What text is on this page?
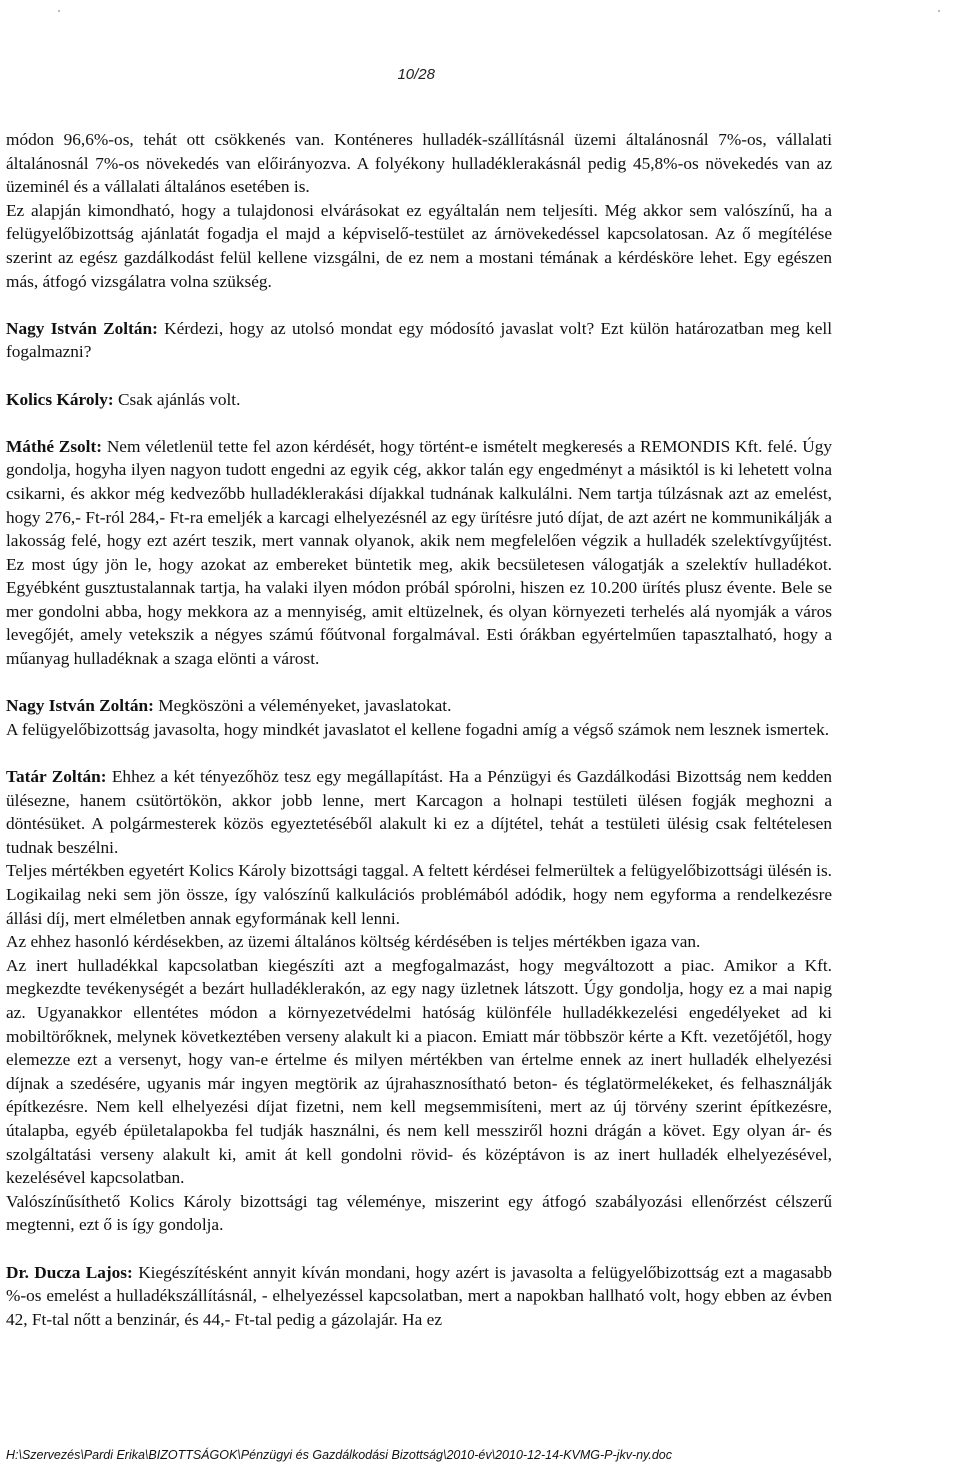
10/28

módon 96,6%-os, tehát ott csökkenés van. Konténeres hulladék-szállításnál üzemi általánosnál 7%-os, vállalati általánosnál 7%-os növekedés van előirányozva. A folyékony hulladéklerakásnál pedig 45,8%-os növekedés van az üzeminél és a vállalati általános esetében is.

Ez alapján kimondható, hogy a tulajdonosi elvárásokat ez egyáltalán nem teljesíti. Még akkor sem valószínű, ha a felügyelőbizottság ajánlatát fogadja el majd a képviselő-testület az árnövekedéssel kapcsolatosan. Az ő megítélése szerint az egész gazdálkodást felül kellene vizsgálni, de ez nem a mostani témának a kérdésköre lehet. Egy egészen más, átfogó vizsgálatra volna szükség.

Nagy István Zoltán: Kérdezi, hogy az utolsó mondat egy módosító javaslat volt? Ezt külön határozatban meg kell fogalmazni?

Kolics Károly: Csak ajánlás volt.

Máthé Zsolt: Nem véletlenül tette fel azon kérdését, hogy történt-e ismételt megkeresés a REMONDIS Kft. felé. Úgy gondolja, hogyha ilyen nagyon tudott engedni az egyik cég, akkor talán egy engedményt a másiktól is ki lehetett volna csikarni, és akkor még kedvezőbb hulladéklerakási díjakkal tudnának kalkulálni. Nem tartja túlzásnak azt az emelést, hogy 276,- Ft-ról 284,- Ft-ra emeljék a karcagi elhelyezésnél az egy ürítésre jutó díjat, de azt azért ne kommunikálják a lakosság felé, hogy ezt azért teszik, mert vannak olyanok, akik nem megfelelően végzik a hulladék szelektívgyűjtést. Ez most úgy jön le, hogy azokat az embereket büntetik meg, akik becsületesen válogatják a szelektív hulladékot. Egyébként gusztustalannak tartja, ha valaki ilyen módon próbál spórolni, hiszen ez 10.200 ürítés plusz évente. Bele se mer gondolni abba, hogy mekkora az a mennyiség, amit eltüzelnek, és olyan környezeti terhelés alá nyomják a város levegőjét, amely vetekszik a négyes számú főútvonal forgalmával. Esti órákban egyértelműen tapasztalható, hogy a műanyag hulladéknak a szaga elönti a várost.

Nagy István Zoltán: Megköszöni a véleményeket, javaslatokat.

A felügyelőbizottság javasolta, hogy mindkét javaslatot el kellene fogadni amíg a végső számok nem lesznek ismertek.

Tatár Zoltán: Ehhez a két tényezőhöz tesz egy megállapítást. Ha a Pénzügyi és Gazdálkodási Bizottság nem kedden ülésezne, hanem csütörtökön, akkor jobb lenne, mert Karcagon a holnapi testületi ülésen fogják meghozni a döntésüket. A polgármesterek közös egyeztetéséből alakult ki ez a díjtétel, tehát a testületi ülésig csak feltételesen tudnak beszélni.

Teljes mértékben egyetért Kolics Károly bizottsági taggal. A feltett kérdései felmerültek a felügyelőbizottsági ülésén is. Logikailag neki sem jön össze, így valószínű kalkulációs problémából adódik, hogy nem egyforma a rendelkezésre állási díj, mert elméletben annak egyformának kell lenni.

Az ehhez hasonló kérdésekben, az üzemi általános költség kérdésében is teljes mértékben igaza van.

Az inert hulladékkal kapcsolatban kiegészíti azt a megfogalmazást, hogy megváltozott a piac. Amikor a Kft. megkezdte tevékenységét a bezárt hulladéklerakón, az egy nagy üzletnek látszott. Úgy gondolja, hogy ez a mai napig az. Ugyanakkor ellentétes módon a környezetvédelmi hatóság különféle hulladékkezelési engedélyeket ad ki mobiltörőknek, melynek következtében verseny alakult ki a piacon. Emiatt már többször kérte a Kft. vezetőjétől, hogy elemezze ezt a versenyt, hogy van-e értelme és milyen mértékben van értelme ennek az inert hulladék elhelyezési díjnak a szedésére, ugyanis már ingyen megtörik az újrahasznosítható beton- és téglatörmelékeket, és felhasználják építkezésre. Nem kell elhelyezési díjat fizetni, nem kell megsemmisíteni, mert az új törvény szerint építkezésre, útalapba, egyéb épületalapokba fel tudják használni, és nem kell messziről hozni drágán a követ. Egy olyan ár- és szolgáltatási verseny alakult ki, amit át kell gondolni rövid- és középtávon is az inert hulladék elhelyezésével, kezelésével kapcsolatban.

Valószínűsíthető Kolics Károly bizottsági tag véleménye, miszerint egy átfogó szabályozási ellenőrzést célszerű megtenni, ezt ő is így gondolja.

Dr. Ducza Lajos: Kiegészítésként annyit kíván mondani, hogy azért is javasolta a felügyelőbizottság ezt a magasabb %-os emelést a hulladékszállításnál, - elhelyezéssel kapcsolatban, mert a napokban hallható volt, hogy ebben az évben 42, Ft-tal nőtt a benzinár, és 44,- Ft-tal pedig a gázolajár. Ha ez

H:\Szervezés\Pardi Erika\BIZOTTSÁGOK\Pénzügyi és Gazdálkodási Bizottság\2010-év\2010-12-14-KVMG-P-jkv-ny.doc
